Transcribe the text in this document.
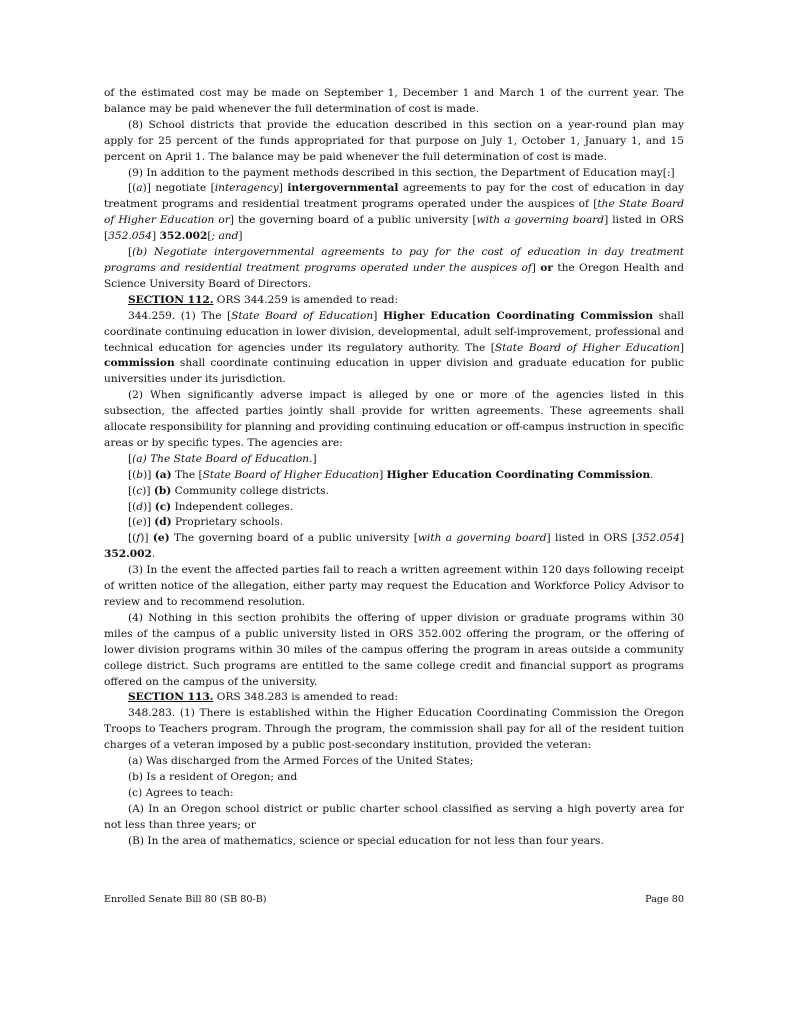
of the estimated cost may be made on September 1, December 1 and March 1 of the current year. The balance may be paid whenever the full determination of cost is made.

(8) School districts that provide the education described in this section on a year-round plan may apply for 25 percent of the funds appropriated for that purpose on July 1, October 1, January 1, and 15 percent on April 1. The balance may be paid whenever the full determination of cost is made.

(9) In addition to the payment methods described in this section, the Department of Education may[:]

[(a)] negotiate [interagency] intergovernmental agreements to pay for the cost of education in day treatment programs and residential treatment programs operated under the auspices of [the State Board of Higher Education or] the governing board of a public university [with a governing board] listed in ORS [352.054] 352.002[; and]

[(b) Negotiate intergovernmental agreements to pay for the cost of education in day treatment programs and residential treatment programs operated under the auspices of] or the Oregon Health and Science University Board of Directors.

SECTION 112. ORS 344.259 is amended to read:

344.259. (1) The [State Board of Education] Higher Education Coordinating Commission shall coordinate continuing education in lower division, developmental, adult self-improvement, professional and technical education for agencies under its regulatory authority. The [State Board of Higher Education] commission shall coordinate continuing education in upper division and graduate education for public universities under its jurisdiction.

(2) When significantly adverse impact is alleged by one or more of the agencies listed in this subsection, the affected parties jointly shall provide for written agreements. These agreements shall allocate responsibility for planning and providing continuing education or off-campus instruction in specific areas or by specific types. The agencies are:

[(a) The State Board of Education.]

[(b)] (a) The [State Board of Higher Education] Higher Education Coordinating Commission.

[(c)] (b) Community college districts.

[(d)] (c) Independent colleges.

[(e)] (d) Proprietary schools.

[(f)] (e) The governing board of a public university [with a governing board] listed in ORS [352.054] 352.002.

(3) In the event the affected parties fail to reach a written agreement within 120 days following receipt of written notice of the allegation, either party may request the Education and Workforce Policy Advisor to review and to recommend resolution.

(4) Nothing in this section prohibits the offering of upper division or graduate programs within 30 miles of the campus of a public university listed in ORS 352.002 offering the program, or the offering of lower division programs within 30 miles of the campus offering the program in areas outside a community college district. Such programs are entitled to the same college credit and financial support as programs offered on the campus of the university.

SECTION 113. ORS 348.283 is amended to read:

348.283. (1) There is established within the Higher Education Coordinating Commission the Oregon Troops to Teachers program. Through the program, the commission shall pay for all of the resident tuition charges of a veteran imposed by a public post-secondary institution, provided the veteran:

(a) Was discharged from the Armed Forces of the United States;

(b) Is a resident of Oregon; and

(c) Agrees to teach:

(A) In an Oregon school district or public charter school classified as serving a high poverty area for not less than three years; or

(B) In the area of mathematics, science or special education for not less than four years.

Enrolled Senate Bill 80 (SB 80-B)	Page 80
